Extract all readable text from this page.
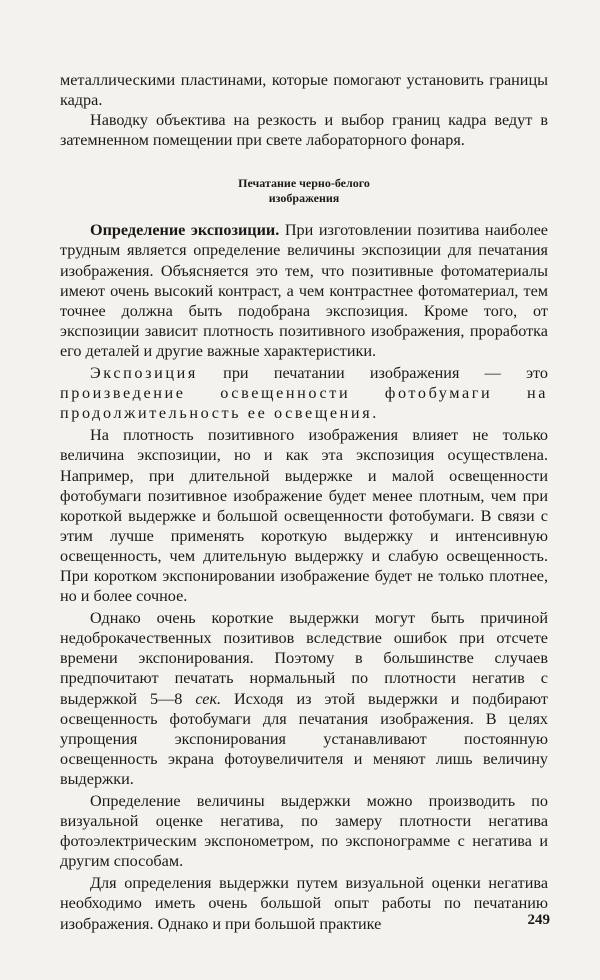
металлическими пластинами, которые помогают установить границы кадра.

Наводку объектива на резкость и выбор границ кадра ведут в затемненном помещении при свете лабораторного фонаря.

Печатание черно-белого
изображения

Определение экспозиции. При изготовлении позитива наиболее трудным является определение величины экспозиции для печатания изображения. Объясняется это тем, что позитивные фотоматериалы имеют очень высокий контраст, а чем контрастнее фотоматериал, тем точнее должна быть подобрана экспозиция. Кроме того, от экспозиции зависит плотность позитивного изображения, проработка его деталей и другие важные характеристики.

Экспозиция при печатании изображения — это произведение освещенности фотобумаги на продолжительность ее освещения.

На плотность позитивного изображения влияет не только величина экспозиции, но и как эта экспозиция осуществлена. Например, при длительной выдержке и малой освещенности фотобумаги позитивное изображение будет менее плотным, чем при короткой выдержке и большой освещенности фотобумаги. В связи с этим лучше применять короткую выдержку и интенсивную освещенность, чем длительную выдержку и слабую освещенность. При коротком экспонировании изображение будет не только плотнее, но и более сочное.

Однако очень короткие выдержки могут быть причиной недоброкачественных позитивов вследствие ошибок при отсчете времени экспонирования. Поэтому в большинстве случаев предпочитают печатать нормальный по плотности негатив с выдержкой 5—8 сек. Исходя из этой выдержки и подбирают освещенность фотобумаги для печатания изображения. В целях упрощения экспонирования устанавливают постоянную освещенность экрана фотоувеличителя и меняют лишь величину выдержки.

Определение величины выдержки можно производить по визуальной оценке негатива, по замеру плотности негатива фотоэлектрическим экспонометром, по экспонограмме с негатива и другим способам.

Для определения выдержки путем визуальной оценки негатива необходимо иметь очень большой опыт работы по печатанию изображения. Однако и при большой практике	249
